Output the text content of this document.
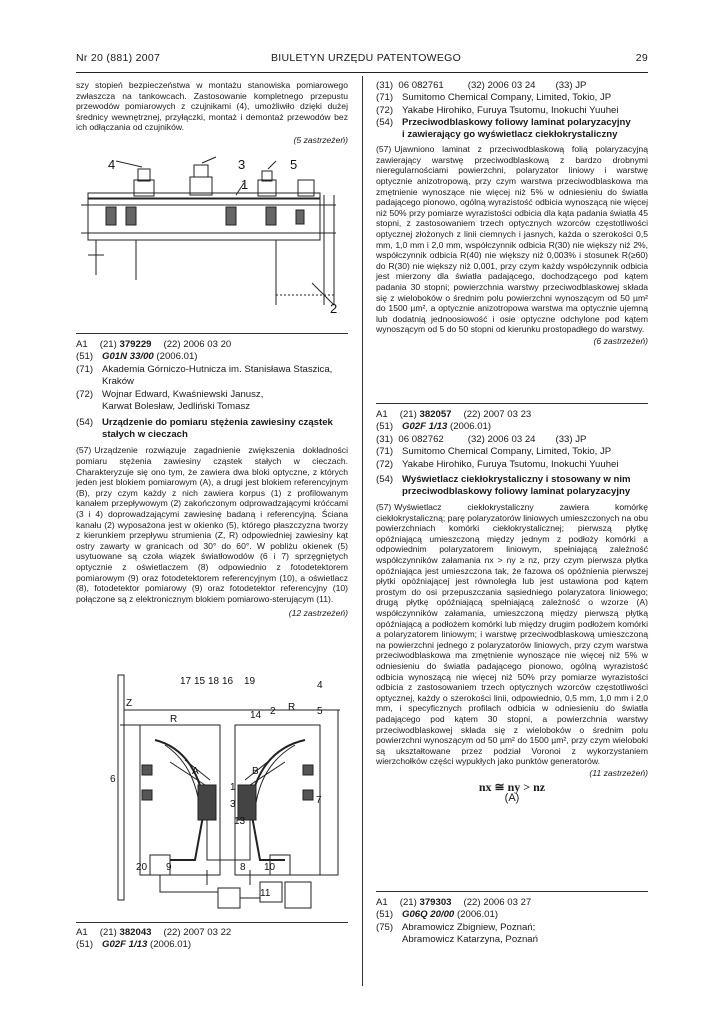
Nr 20 (881) 2007	BIULETYN URZĘDU PATENTOWEGO	29
szy stopień bezpieczeństwa w montażu stanowiska pomiarowego zwłaszcza na tankowcach. Zastosowanie kompletnego przepustu przewodów pomiarowych z czujnikami (4), umożliwiło dzięki dużej średnicy wewnętrznej, przyłączki, montaż i demontaż przewodów bez ich odłączania od czujników.
(5 zastrzeżeń)
4	3	5
1
2
A1 (21)
379229 (22)
2006 03 20
(51) G01N 33/00 (2006.01)
(71) Akademia Górniczo-Hutnicza im. Stanisława Staszica,
Kraków
(72) Wojnar Edward, Kwaśniewski Janusz,
Karwat Bolesław, Jedliński Tomasz
(54) Urządzenie do pomiaru stężenia zawiesiny cząstek
stałych w cieczach
(57) Urządzenie rozwiązuje zagadnienie zwiększenia dokładności pomiaru stężenia zawiesiny cząstek stałych w cieczach. Charakteryzuje się ono tym, że zawiera dwa bloki optyczne, z których jeden jest blokiem pomiarowym (A), a drugi jest blokiem referencyjnym (B), przy czym każdy z nich zawiera korpus (1) z profilowanym kanałem przepływowym (2) zakończonym odprowadzającymi króćcami (3 i 4) doprowadzającymi zawiesinę badaną i referencyjną. Ściana kanału (2) wyposażona jest w okienko (5), którego płaszczyzna tworzy z kierunkiem przepływu strumienia (Z, R) odpowiedniej zawiesiny kąt ostry zawarty w granicach od 30° do 60°. W pobliżu okienek (5) usytuowane są czoła wiązek światłowodów (6 i 7) sprzęgniętych optycznie z oświetlaczem (8) odpowiednio z fotodetektorem pomiarowym (9) oraz fotodetektorem referencyjnym (10), a oświetlacz (8), fotodetektor pomiarowy (9) oraz fotodetektor referencyjny (10) połączone są z elektronicznym blokiem pomiarowo-sterującym (11).
(12 zastrzeżeń)
17 15 18 16 19	4
Z
R	14 2 R 5
6
A	B
1
7
3
13
20 9	8 10
11
A1 (21)
382043 (22)
2007 03 22
(51) G02F 1/13 (2006.01)
(31)
06 082761	(32)
2006 03 24 (33)
JP
(71) Sumitomo Chemical Company, Limited, Tokio, JP
(72) Yakabe Hirohiko, Furuya Tsutomu, Inokuchi Yuuhei
(54) Przeciwodblaskowy foliowy laminat polaryzacyjny
i zawierający go wyświetlacz ciekłokrystaliczny
(57) Ujawniono laminat z przeciwodblaskową folią polaryzacyjną zawierający warstwę przeciwodblaskową z bardzo drobnymi nieregularnościami powierzchni, polaryzator liniowy i warstwę optycznie anizotropową, przy czym warstwa przeciwodblaskowa ma zmętnienie wynoszące nie więcej niż 5% w odniesieniu do światła padającego pionowo, ogólną wyrazistość odbicia wynoszącą nie więcej niż 50% przy pomiarze wyrazistości odbicia dla kąta padania światła 45 stopni, z zastosowaniem trzech optycznych wzorców częstotliwości optycznej złożonych z linii ciemnych i jasnych, każda o szerokości 0,5 mm, 1,0 mm i 2,0 mm, współczynnik odbicia R(30) nie większy niż 2%, współczynnik odbicia R(40) nie większy niż 0,003% i stosunek R(≥60) do R(30) nie większy niż 0,001, przy czym każdy współczynnik odbicia jest mierzony dla światła padającego, dochodzącego pod kątem padania 30 stopni; powierzchnia warstwy przeciwodblaskowej składa się z wieloboków o średnim polu powierzchni wynoszącym od 50 µm² do 1500 µm², a optycznie anizotropowa warstwa ma optycznie ujemną lub dodatnią jednoosiowość i osie optyczne odchylone pod kątem wynoszącym od 5 do 50 stopni od kierunku prostopadłego do warstwy.
(6 zastrzeżeń)
A1 (21)
382057 (22)
2007 03 23
(51) G02F 1/13 (2006.01)
(31)
06 082762	(32)
2006 03 24 (33)
JP
(71) Sumitomo Chemical Company, Limited, Tokio, JP
(72) Yakabe Hirohiko, Furuya Tsutomu, Inokuchi Yuuhei
(54) Wyświetlacz ciekłokrystaliczny i stosowany w nim
przeciwodblaskowy foliowy laminat polaryzacyjny
(57) Wyświetlacz ciekłokrystaliczny zawiera komórkę ciekłokrystaliczną; parę polaryzatorów liniowych umieszczonych na obu powierzchniach komórki ciekłokrystalicznej; pierwszą płytkę opóźniającą umieszczoną między jednym z podłoży komórki a odpowiednim polaryzatorem liniowym, spełniającą zależność współczynników załamania nx > ny ≥ nz, przy czym pierwsza płytka opóźniająca jest umieszczona tak, że fazowa oś opóźnienia pierwszej płytki opóźniającej jest równoległa lub jest ustawiona pod kątem prostym do osi przepuszczania sąsiedniego polaryzatora liniowego; drugą płytkę opóźniającą spełniającą zależność o wzorze (A) współczynników załamania, umieszczoną między pierwszą płytką opóźniającą a podłożem komórki lub między drugim podłożem komórki a polaryzatorem liniowym; i warstwę przeciwodblaskową umieszczoną na powierzchni jednego z polaryzatorów liniowych, przy czym warstwa przeciwodblaskowa ma zmętnienie wynoszące nie więcej niż 5% w odniesieniu do światła padającego pionowo, ogólną wyrazistość odbicia wynoszącą nie więcej niż 50% przy pomiarze wyrazistości odbicia z zastosowaniem trzech optycznych wzorców częstotliwości optycznej, każdy o szerokości linii, odpowiednio, 0,5 mm, 1,0 mm i 2,0 mm, i specyficznych profilach odbicia w odniesieniu do światła padającego pod kątem 30 stopni, a powierzchnia warstwy przeciwodblaskowej składa się z wieloboków o średnim polu powierzchni wynoszącym od 50 µm² do 1500 µm², przy czym wieloboki są ukształtowane przez podział Voronoi z wykorzystaniem wierzchołków części wypukłych jako punktów generatorów.
(11 zastrzeżeń)
nx ≅ ny > nz
(A)
A1 (21)
379303 (22)
2006 03 27
(51) G06Q 20/00 (2006.01)
(75) Abramowicz Zbigniew, Poznań;
Abramowicz Katarzyna, Poznań
